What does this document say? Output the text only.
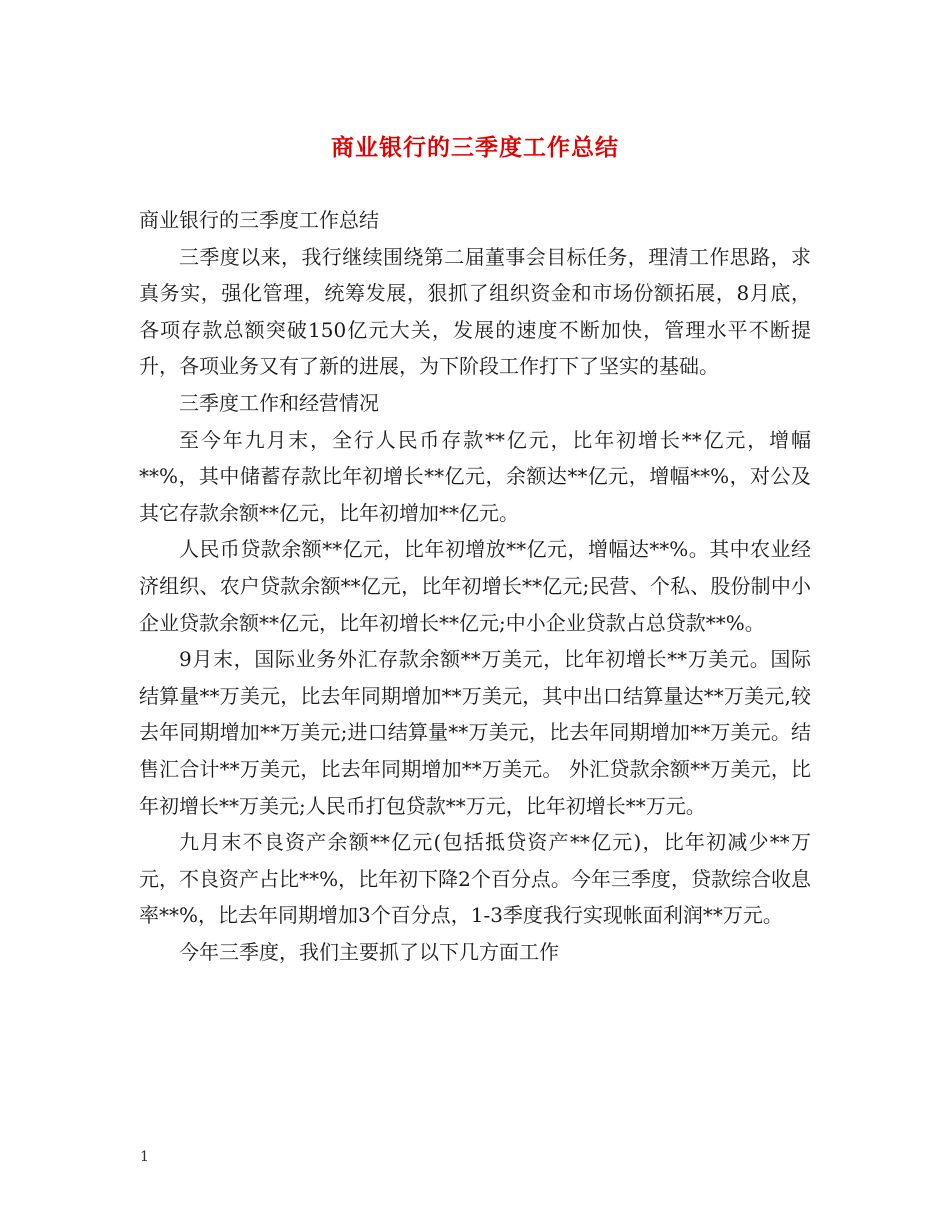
商业银行的三季度工作总结

商业银行的三季度工作总结

三季度以来，我行继续围绕第二届董事会目标任务，理清工作思路，求真务实，强化管理，统筹发展，狠抓了组织资金和市场份额拓展，8月底，各项存款总额突破150亿元大关，发展的速度不断加快，管理水平不断提升，各项业务又有了新的进展，为下阶段工作打下了坚实的基础。

三季度工作和经营情况

至今年九月末，全行人民币存款**亿元，比年初增长**亿元，增幅**%，其中储蓄存款比年初增长**亿元，余额达**亿元，增幅**%，对公及其它存款余额**亿元，比年初增加**亿元。

人民币贷款余额**亿元，比年初增放**亿元，增幅达**%。其中农业经济组织、农户贷款余额**亿元，比年初增长**亿元;民营、个私、股份制中小企业贷款余额**亿元，比年初增长**亿元;中小企业贷款占总贷款**%。

9月末，国际业务外汇存款余额**万美元，比年初增长**万美元。国际结算量**万美元，比去年同期增加**万美元，其中出口结算量达**万美元,较去年同期增加**万美元;进口结算量**万美元，比去年同期增加**万美元。结售汇合计**万美元，比去年同期增加**万美元。 外汇贷款余额**万美元，比年初增长**万美元;人民币打包贷款**万元，比年初增长**万元。

九月末不良资产余额**亿元(包括抵贷资产**亿元)，比年初减少**万元，不良资产占比**%，比年初下降2个百分点。今年三季度，贷款综合收息率**%，比去年同期增加3个百分点，1-3季度我行实现帐面利润**万元。

今年三季度，我们主要抓了以下几方面工作

1
